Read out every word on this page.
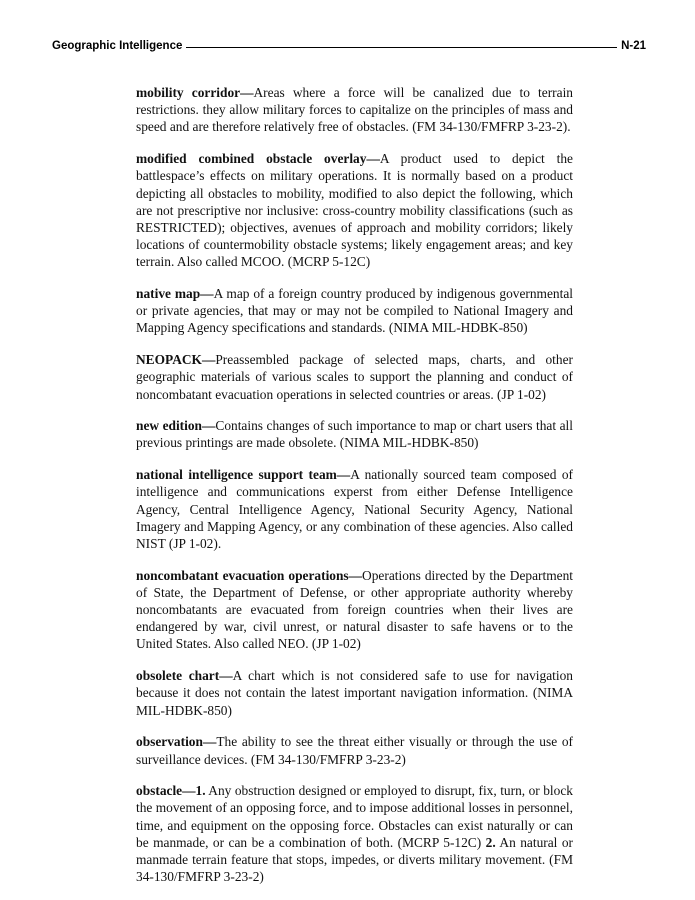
Geographic Intelligence	N-21

mobility corridor—Areas where a force will be canalized due to terrain restrictions. they allow military forces to capitalize on the principles of mass and speed and are therefore relatively free of obstacles. (FM 34-130/FMFRP 3-23-2).

modified combined obstacle overlay—A product used to depict the battlespace’s effects on military operations. It is normally based on a product depicting all obstacles to mobility, modified to also depict the following, which are not prescriptive nor inclusive: cross-country mobility classifications (such as RESTRICTED); objectives, avenues of approach and mobility corridors; likely locations of countermobility obstacle systems; likely engagement areas; and key terrain. Also called MCOO. (MCRP 5-12C)

native map—A map of a foreign country produced by indigenous governmental or private agencies, that may or may not be compiled to National Imagery and Mapping Agency specifications and standards. (NIMA MIL-HDBK-850)

NEOPACK—Preassembled package of selected maps, charts, and other geographic materials of various scales to support the planning and conduct of noncombatant evacuation operations in selected countries or areas. (JP 1-02)

new edition—Contains changes of such importance to map or chart users that all previous printings are made obsolete. (NIMA MIL-HDBK-850)

national intelligence support team—A nationally sourced team composed of intelligence and communications experst from either Defense Intelligence Agency, Central Intelligence Agency, National Security Agency, National Imagery and Mapping Agency, or any combination of these agencies. Also called NIST (JP 1-02).

noncombatant evacuation operations—Operations directed by the Department of State, the Department of Defense, or other appropriate authority whereby noncombatants are evacuated from foreign countries when their lives are endangered by war, civil unrest, or natural disaster to safe havens or to the United States. Also called NEO. (JP 1-02)

obsolete chart—A chart which is not considered safe to use for navigation because it does not contain the latest important navigation information. (NIMA MIL-HDBK-850)

observation—The ability to see the threat either visually or through the use of surveillance devices. (FM 34-130/FMFRP 3-23-2)

obstacle—1. Any obstruction designed or employed to disrupt, fix, turn, or block the movement of an opposing force, and to impose additional losses in personnel, time, and equipment on the opposing force. Obstacles can exist naturally or can be manmade, or can be a combination of both. (MCRP 5-12C) 2. An natural or manmade terrain feature that stops, impedes, or diverts military movement. (FM 34-130/FMFRP 3-23-2)
